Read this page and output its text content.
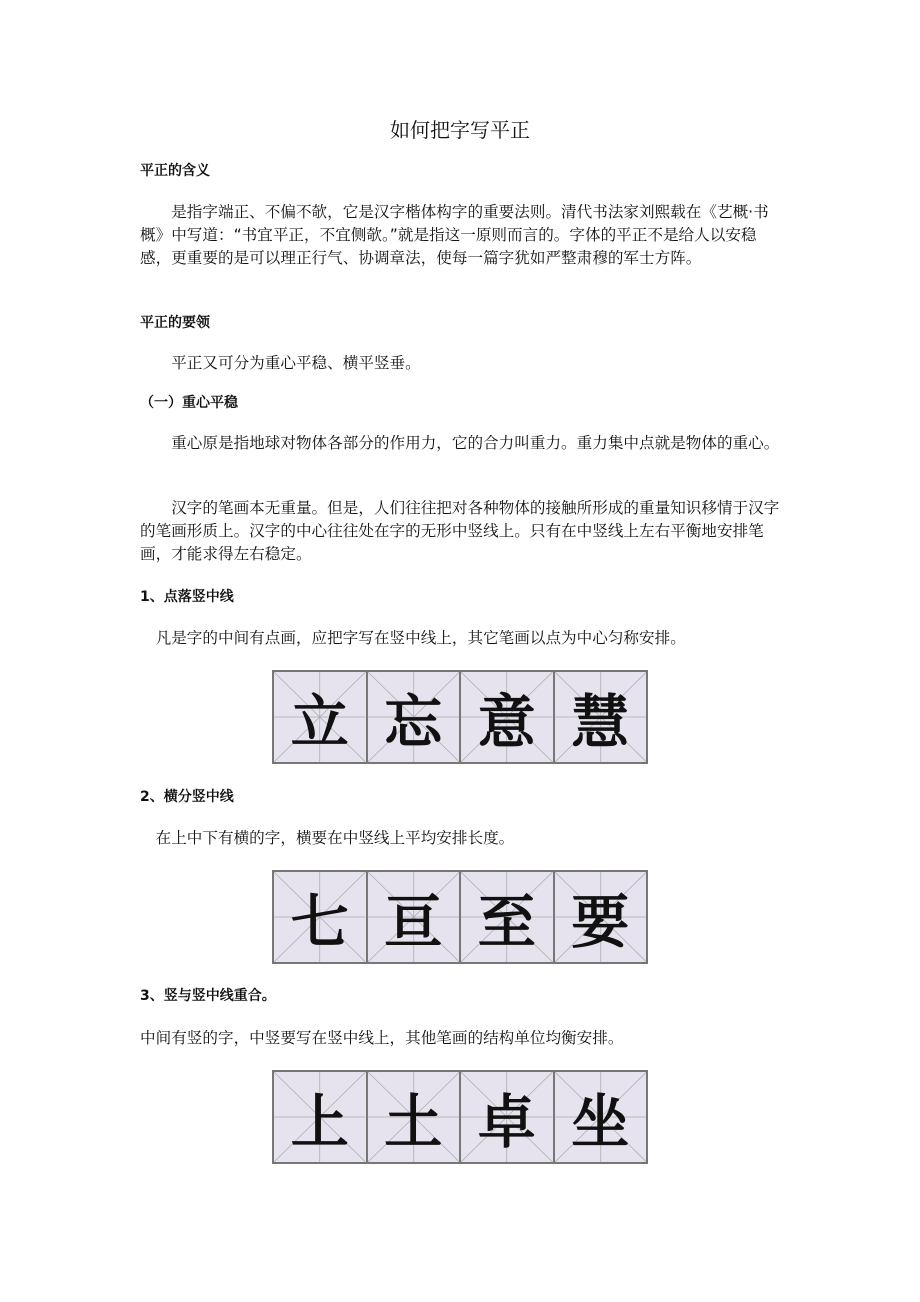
如何把字写平正
平正的含义
是指字端正、不偏不欹，它是汉字楷体构字的重要法则。清代书法家刘熙载在《艺概·书概》中写道：“书宜平正，不宜侧欹。”就是指这一原则而言的。字体的平正不是给人以安稳感，更重要的是可以理正行气、协调章法，使每一篇字犹如严整肃穆的军士方阵。
平正的要领
平正又可分为重心平稳、横平竖垂。
（一）重心平稳
重心原是指地球对物体各部分的作用力，它的合力叫重力。重力集中点就是物体的重心。
汉字的笔画本无重量。但是，人们往往把对各种物体的接触所形成的重量知识移情于汉字的笔画形质上。汉字的中心往往处在字的无形中竖线上。只有在中竖线上左右平衡地安排笔画，才能求得左右稳定。
1、点落竖中线
凡是字的中间有点画，应把字写在竖中线上，其它笔画以点为中心匀称安排。
立 忘 意 慧
2、横分竖中线
在上中下有横的字，横要在中竖线上平均安排长度。
七 亘 至 要
3、竖与竖中线重合。
中间有竖的字，中竖要写在竖中线上，其他笔画的结构单位均衡安排。
上 土 卓 坐
